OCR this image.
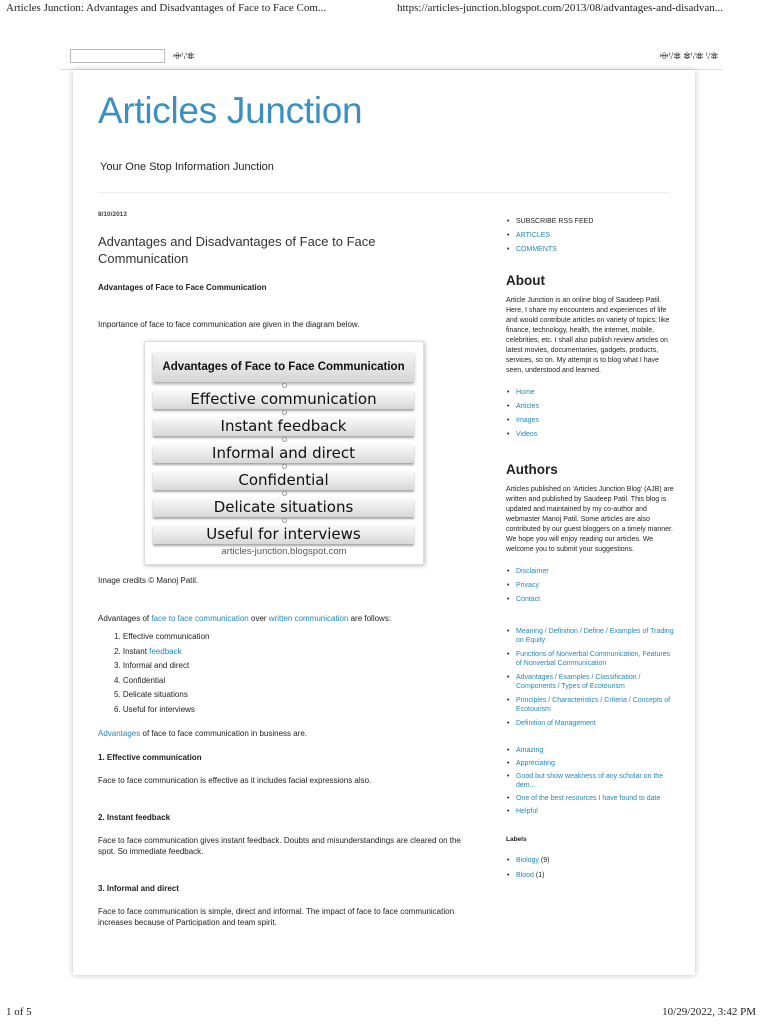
Articles Junction: Advantages and Disadvantages of Face to Face Com...	https://articles-junction.blogspot.com/2013/08/advantages-and-disadvan...
ꗴꗷꗶ	ꗴꗷꗶ ꗶꗷꗶ ꗷꗶ
Articles Junction
Your One Stop Information Junction
8/10/2013
Advantages and Disadvantages of Face to Face Communication

Advantages of Face to Face Communication

Importance of face to face communication are given in the diagram below.

Advantages of Face to Face Communication
Effective communication
Instant feedback
Informal and direct
Confidential
Delicate situations
Useful for interviews
articles-junction.blogspot.com

Image credits © Manoj Patil.

Advantages of face to face communication over written communication are follows:

1. Effective communication
2. Instant feedback
3. Informal and direct
4. Confidential
5. Delicate situations
6. Useful for interviews

Advantages of face to face communication in business are.

1. Effective communication

Face to face communication is effective as it includes facial expressions also.

2. Instant feedback

Face to face communication gives instant feedback. Doubts and misunderstandings are cleared on the spot. So immediate feedback.

3. Informal and direct

Face to face communication is simple, direct and informal. The impact of face to face communication increases because of Participation and team spirit.

• SUBSCRIBE RSS FEED
• ARTICLES
• COMMENTS
About
Article Junction is an online blog of Saudeep Patil. Here, I share my encounters and experiences of life and would contribute articles on variety of topics; like finance, technology, health, the internet, mobile, celebrities, etc. I shall also publish review articles on latest movies, documentaries, gadgets, products, services, so on. My attempt is to blog what I have seen, understood and learned.
• Home
• Articles
• Images
• Videos
Authors
Articles published on 'Articles Junction Blog' (AJB) are written and published by Saudeep Patil. This blog is updated and maintained by my co-author and webmaster Manoj Patil. Some articles are also contributed by our guest bloggers on a timely manner. We hope you will enjoy reading our articles. We welcome you to submit your suggestions.
• Disclaimer
• Privacy
• Contact
• Meaning / Definition / Define / Examples of Trading on Equity
• Functions of Nonverbal Communication, Features of Nonverbal Communication
• Advantages / Examples / Classification / Components / Types of Ecotourism
• Principles / Characteristics / Criteria / Concepts of Ecotourism
• Definition of Management
• Amazing
• Appreciating
• Good but show weakness of any scholar on the dem...
• One of the best resources I have found to date
• Helpful
Labels
• Biology (9)
• Blood (1)
1 of 5	10/29/2022, 3:42 PM
